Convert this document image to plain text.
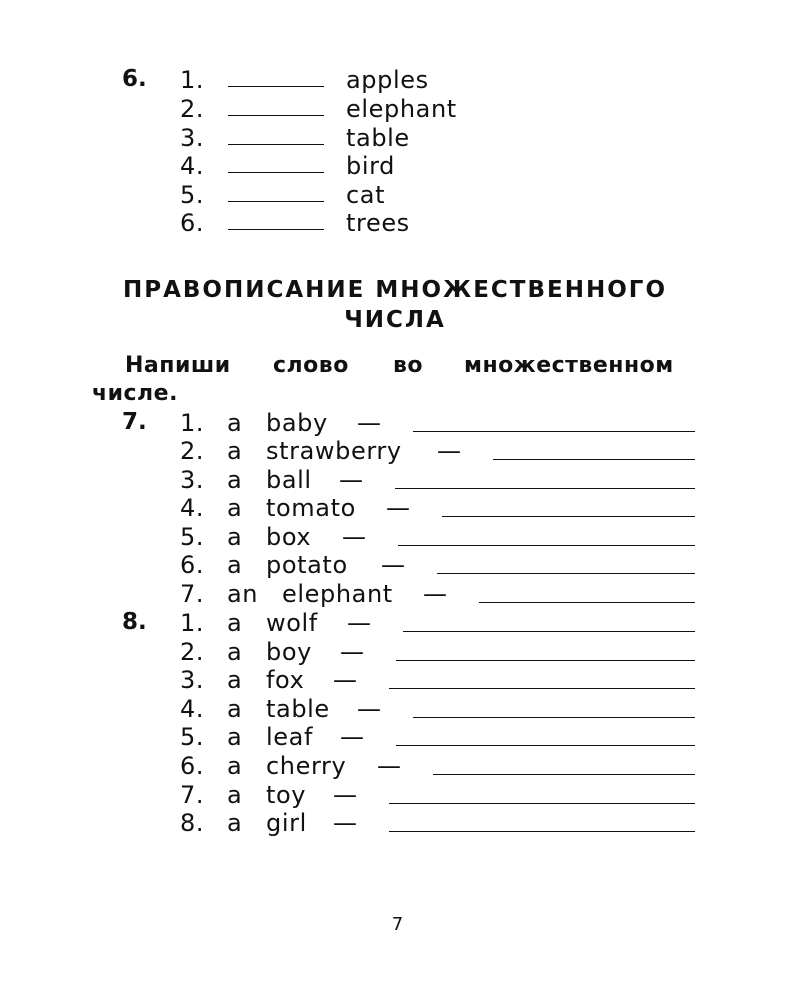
6. 1.	apples
2.	elephant
3.	table
4.	bird
5.	cat
6.	trees
ПРАВОПИСАНИЕ МНОЖЕСТВЕННОГО
ЧИСЛА
Напиши слово во множественном
числе.
7. 1. a baby —
2. a strawberry —
3. a ball —
4. a tomato —
5. a box —
6. a potato —
7. an elephant —
8. 1. a wolf —
2. a boy —
3. a fox —
4. a table —
5. a leaf —
6. a cherry —
7. a toy —
8. a girl —
7
